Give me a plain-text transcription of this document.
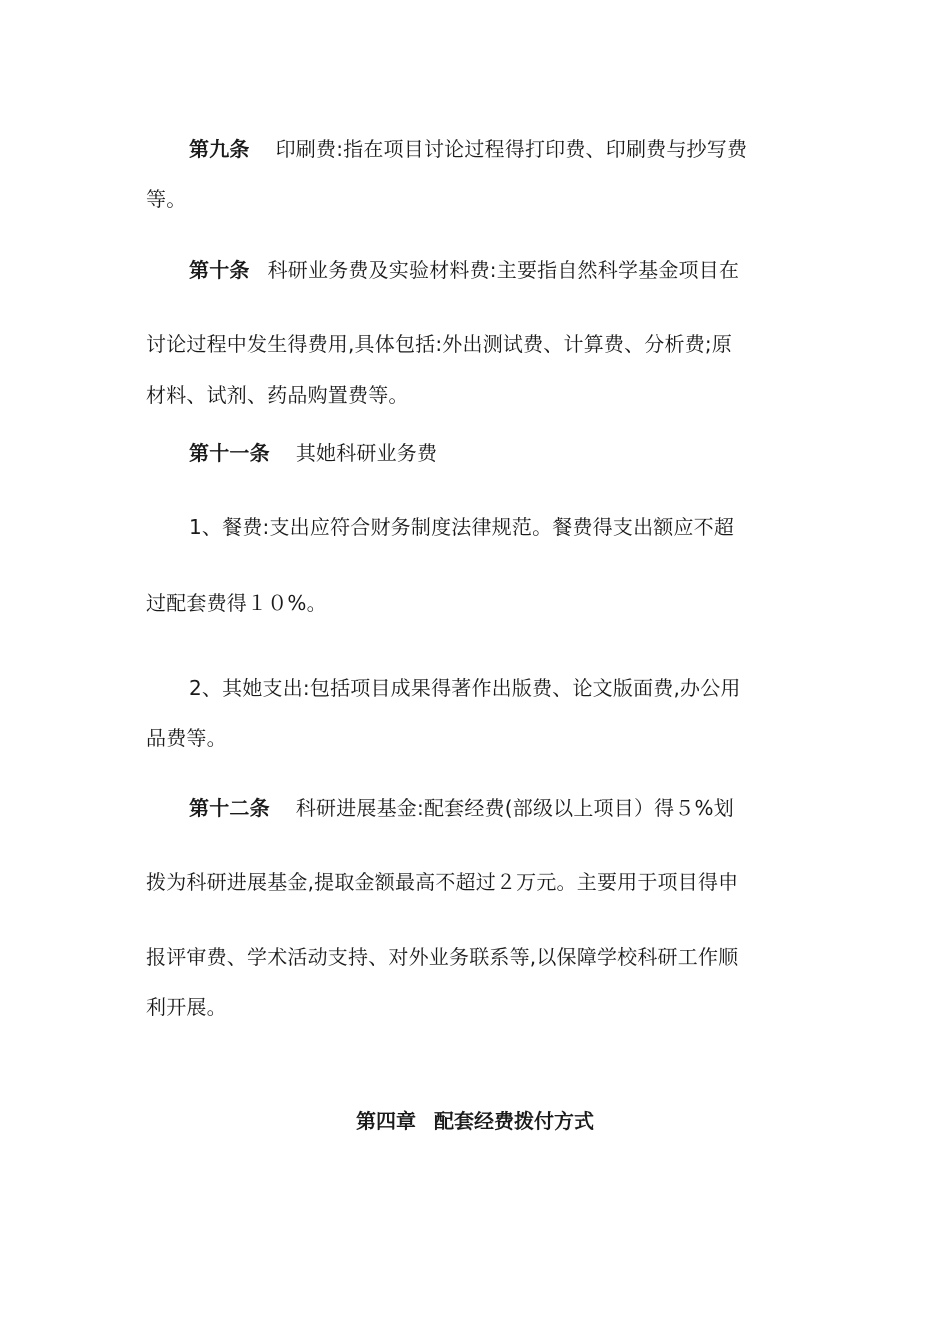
第九条 印刷费:指在项目讨论过程得打印费、印刷费与抄写费
等。
第十条 科研业务费及实验材料费:主要指自然科学基金项目在
讨论过程中发生得费用,具体包括:外出测试费、计算费、分析费;原
材料、试剂、药品购置费等。
第十一条 其她科研业务费
1、餐费:支出应符合财务制度法律规范。餐费得支出额应不超
过配套费得１０%。
2、其她支出:包括项目成果得著作出版费、论文版面费,办公用
品费等。
第十二条 科研进展基金:配套经费(部级以上项目）得５%划
拨为科研进展基金,提取金额最高不超过２万元。主要用于项目得申
报评审费、学术活动支持、对外业务联系等,以保障学校科研工作顺
利开展。
第四章 配套经费拨付方式
